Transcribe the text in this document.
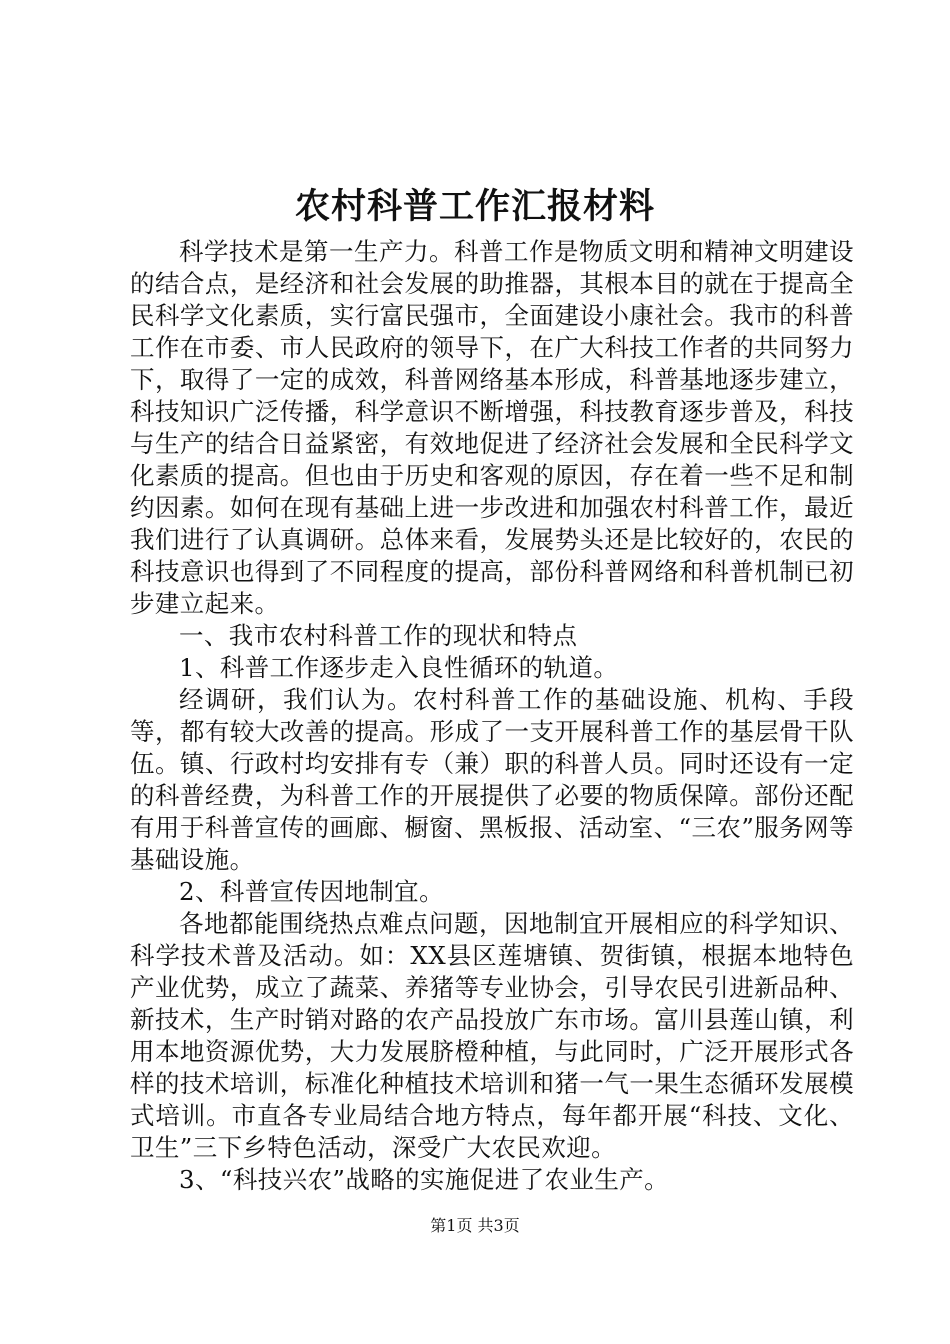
农村科普工作汇报材料

科学技术是第一生产力。科普工作是物质文明和精神文明建设的结合点，是经济和社会发展的助推器，其根本目的就在于提高全民科学文化素质，实行富民强市，全面建设小康社会。我市的科普工作在市委、市人民政府的领导下，在广大科技工作者的共同努力下，取得了一定的成效，科普网络基本形成，科普基地逐步建立，科技知识广泛传播，科学意识不断增强，科技教育逐步普及，科技与生产的结合日益紧密，有效地促进了经济社会发展和全民科学文化素质的提高。但也由于历史和客观的原因，存在着一些不足和制约因素。如何在现有基础上进一步改进和加强农村科普工作，最近我们进行了认真调研。总体来看，发展势头还是比较好的，农民的科技意识也得到了不同程度的提高，部份科普网络和科普机制已初步建立起来。

一、我市农村科普工作的现状和特点

1、科普工作逐步走入良性循环的轨道。

经调研，我们认为。农村科普工作的基础设施、机构、手段等，都有较大改善的提高。形成了一支开展科普工作的基层骨干队伍。镇、行政村均安排有专（兼）职的科普人员。同时还设有一定的科普经费，为科普工作的开展提供了必要的物质保障。部份还配有用于科普宣传的画廊、橱窗、黑板报、活动室、“三农”服务网等基础设施。

2、科普宣传因地制宜。

各地都能围绕热点难点问题，因地制宜开展相应的科学知识、科学技术普及活动。如：XX县区莲塘镇、贺街镇，根据本地特色产业优势，成立了蔬菜、养猪等专业协会，引导农民引进新品种、新技术，生产时销对路的农产品投放广东市场。富川县莲山镇，利用本地资源优势，大力发展脐橙种植，与此同时，广泛开展形式各样的技术培训，标准化种植技术培训和猪一气一果生态循环发展模式培训。市直各专业局结合地方特点，每年都开展“科技、文化、卫生”三下乡特色活动，深受广大农民欢迎。

3、“科技兴农”战略的实施促进了农业生产。

第1页 共3页
